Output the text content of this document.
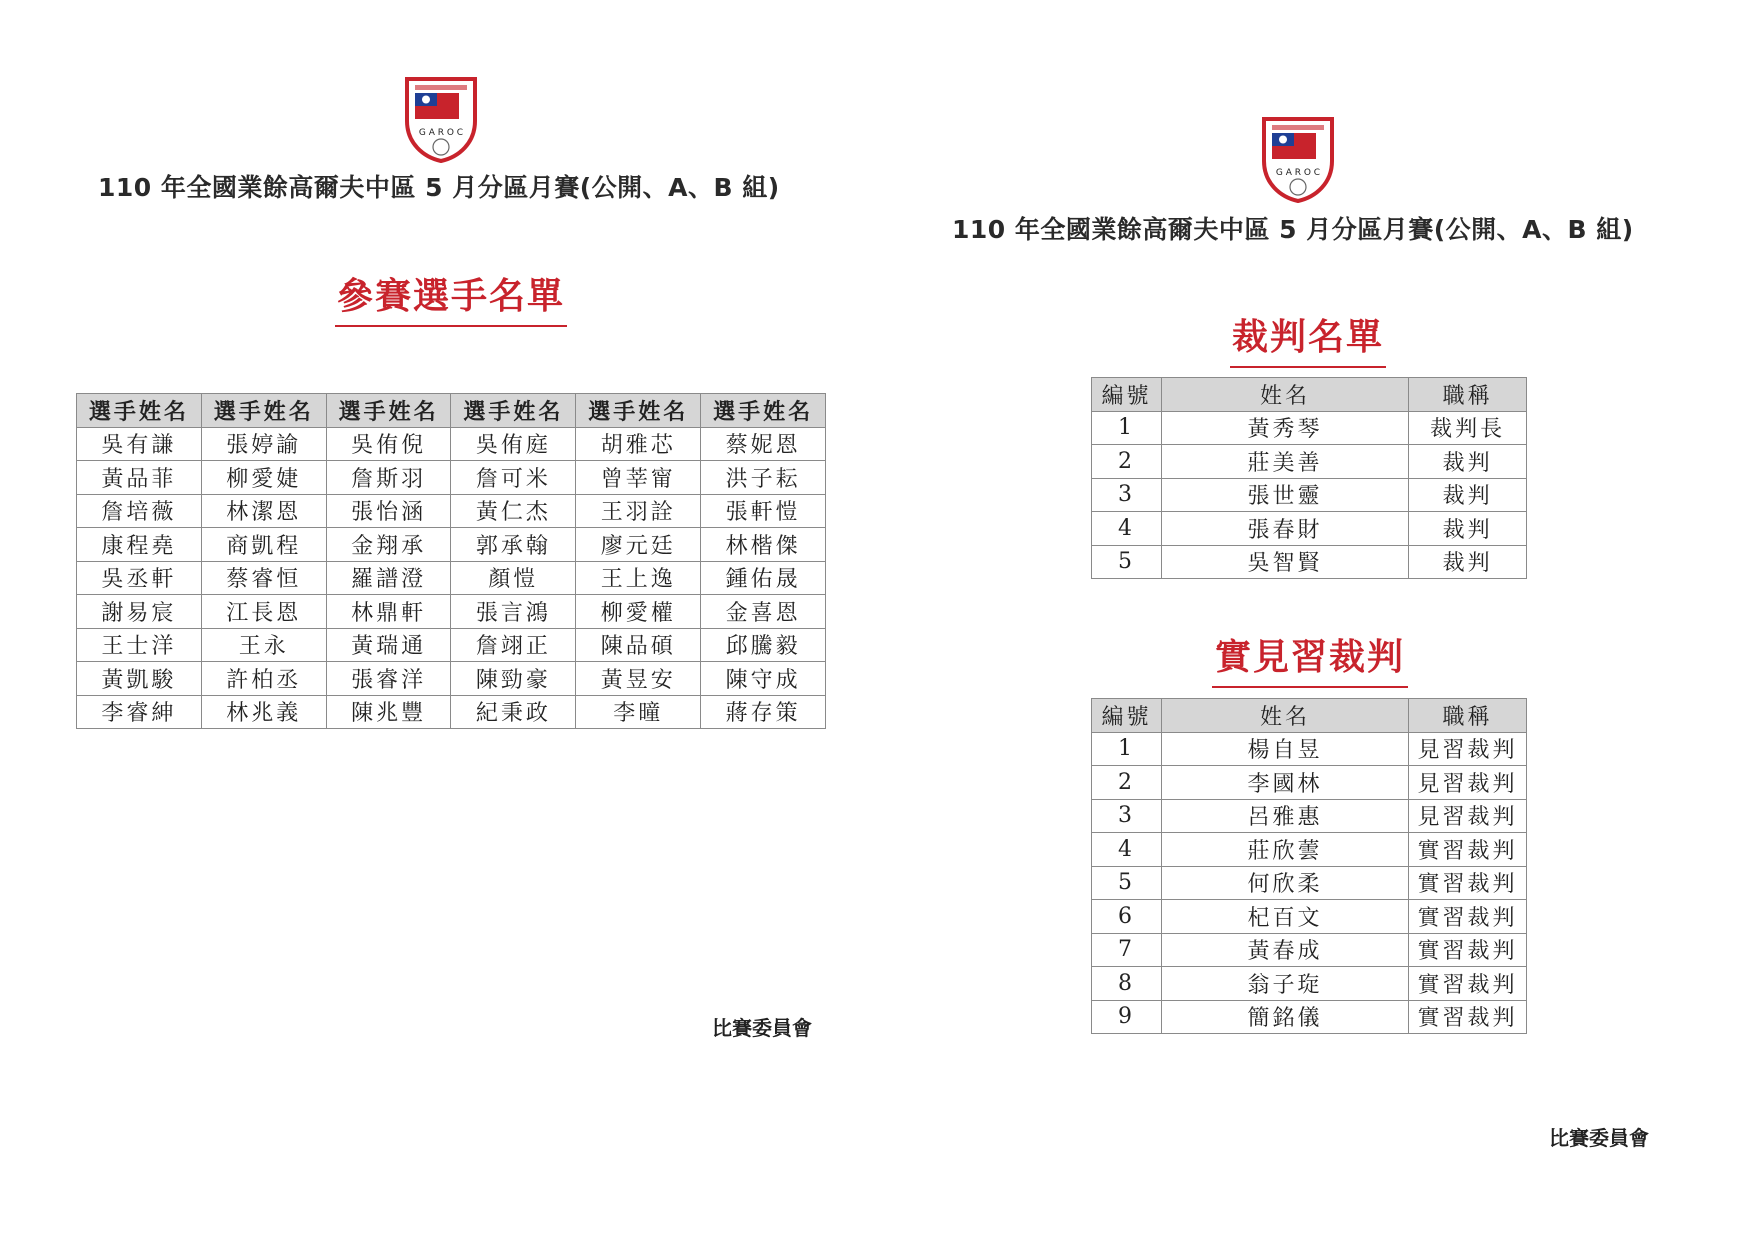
G A R O C
110 年全國業餘高爾夫中區 5 月分區月賽(公開、A、B 組)
參賽選手名單
選手姓名	選手姓名	選手姓名	選手姓名	選手姓名	選手姓名
吳有謙	張婷諭	吳侑倪	吳侑庭	胡雅芯	蔡妮恩
黃品菲	柳愛婕	詹斯羽	詹可米	曾莘甯	洪子耘
詹培薇	林潔恩	張怡涵	黃仁杰	王羽詮	張軒愷
康程堯	商凱程	金翔承	郭承翰	廖元廷	林楷傑
吳丞軒	蔡睿恒	羅譜澄	顏愷	王上逸	鍾佑晟
謝易宸	江長恩	林鼎軒	張言鴻	柳愛權	金喜恩
王士洋	王永	黃瑞通	詹翊正	陳品碩	邱騰毅
黃凱駿	許柏丞	張睿洋	陳勁豪	黃昱安	陳守成
李睿紳	林兆義	陳兆豐	紀秉政	李曈	蔣存策
比賽委員會
G A R O C
110 年全國業餘高爾夫中區 5 月分區月賽(公開、A、B 組)
裁判名單
編號	姓名	職稱
1	黃秀琴	裁判長
2	莊美善	裁判
3	張世靈	裁判
4	張春財	裁判
5	吳智賢	裁判
實見習裁判
編號	姓名	職稱
1	楊自昱	見習裁判
2	李國林	見習裁判
3	呂雅惠	見習裁判
4	莊欣蕓	實習裁判
5	何欣柔	實習裁判
6	杞百文	實習裁判
7	黃春成	實習裁判
8	翁子琁	實習裁判
9	簡銘儀	實習裁判
比賽委員會
